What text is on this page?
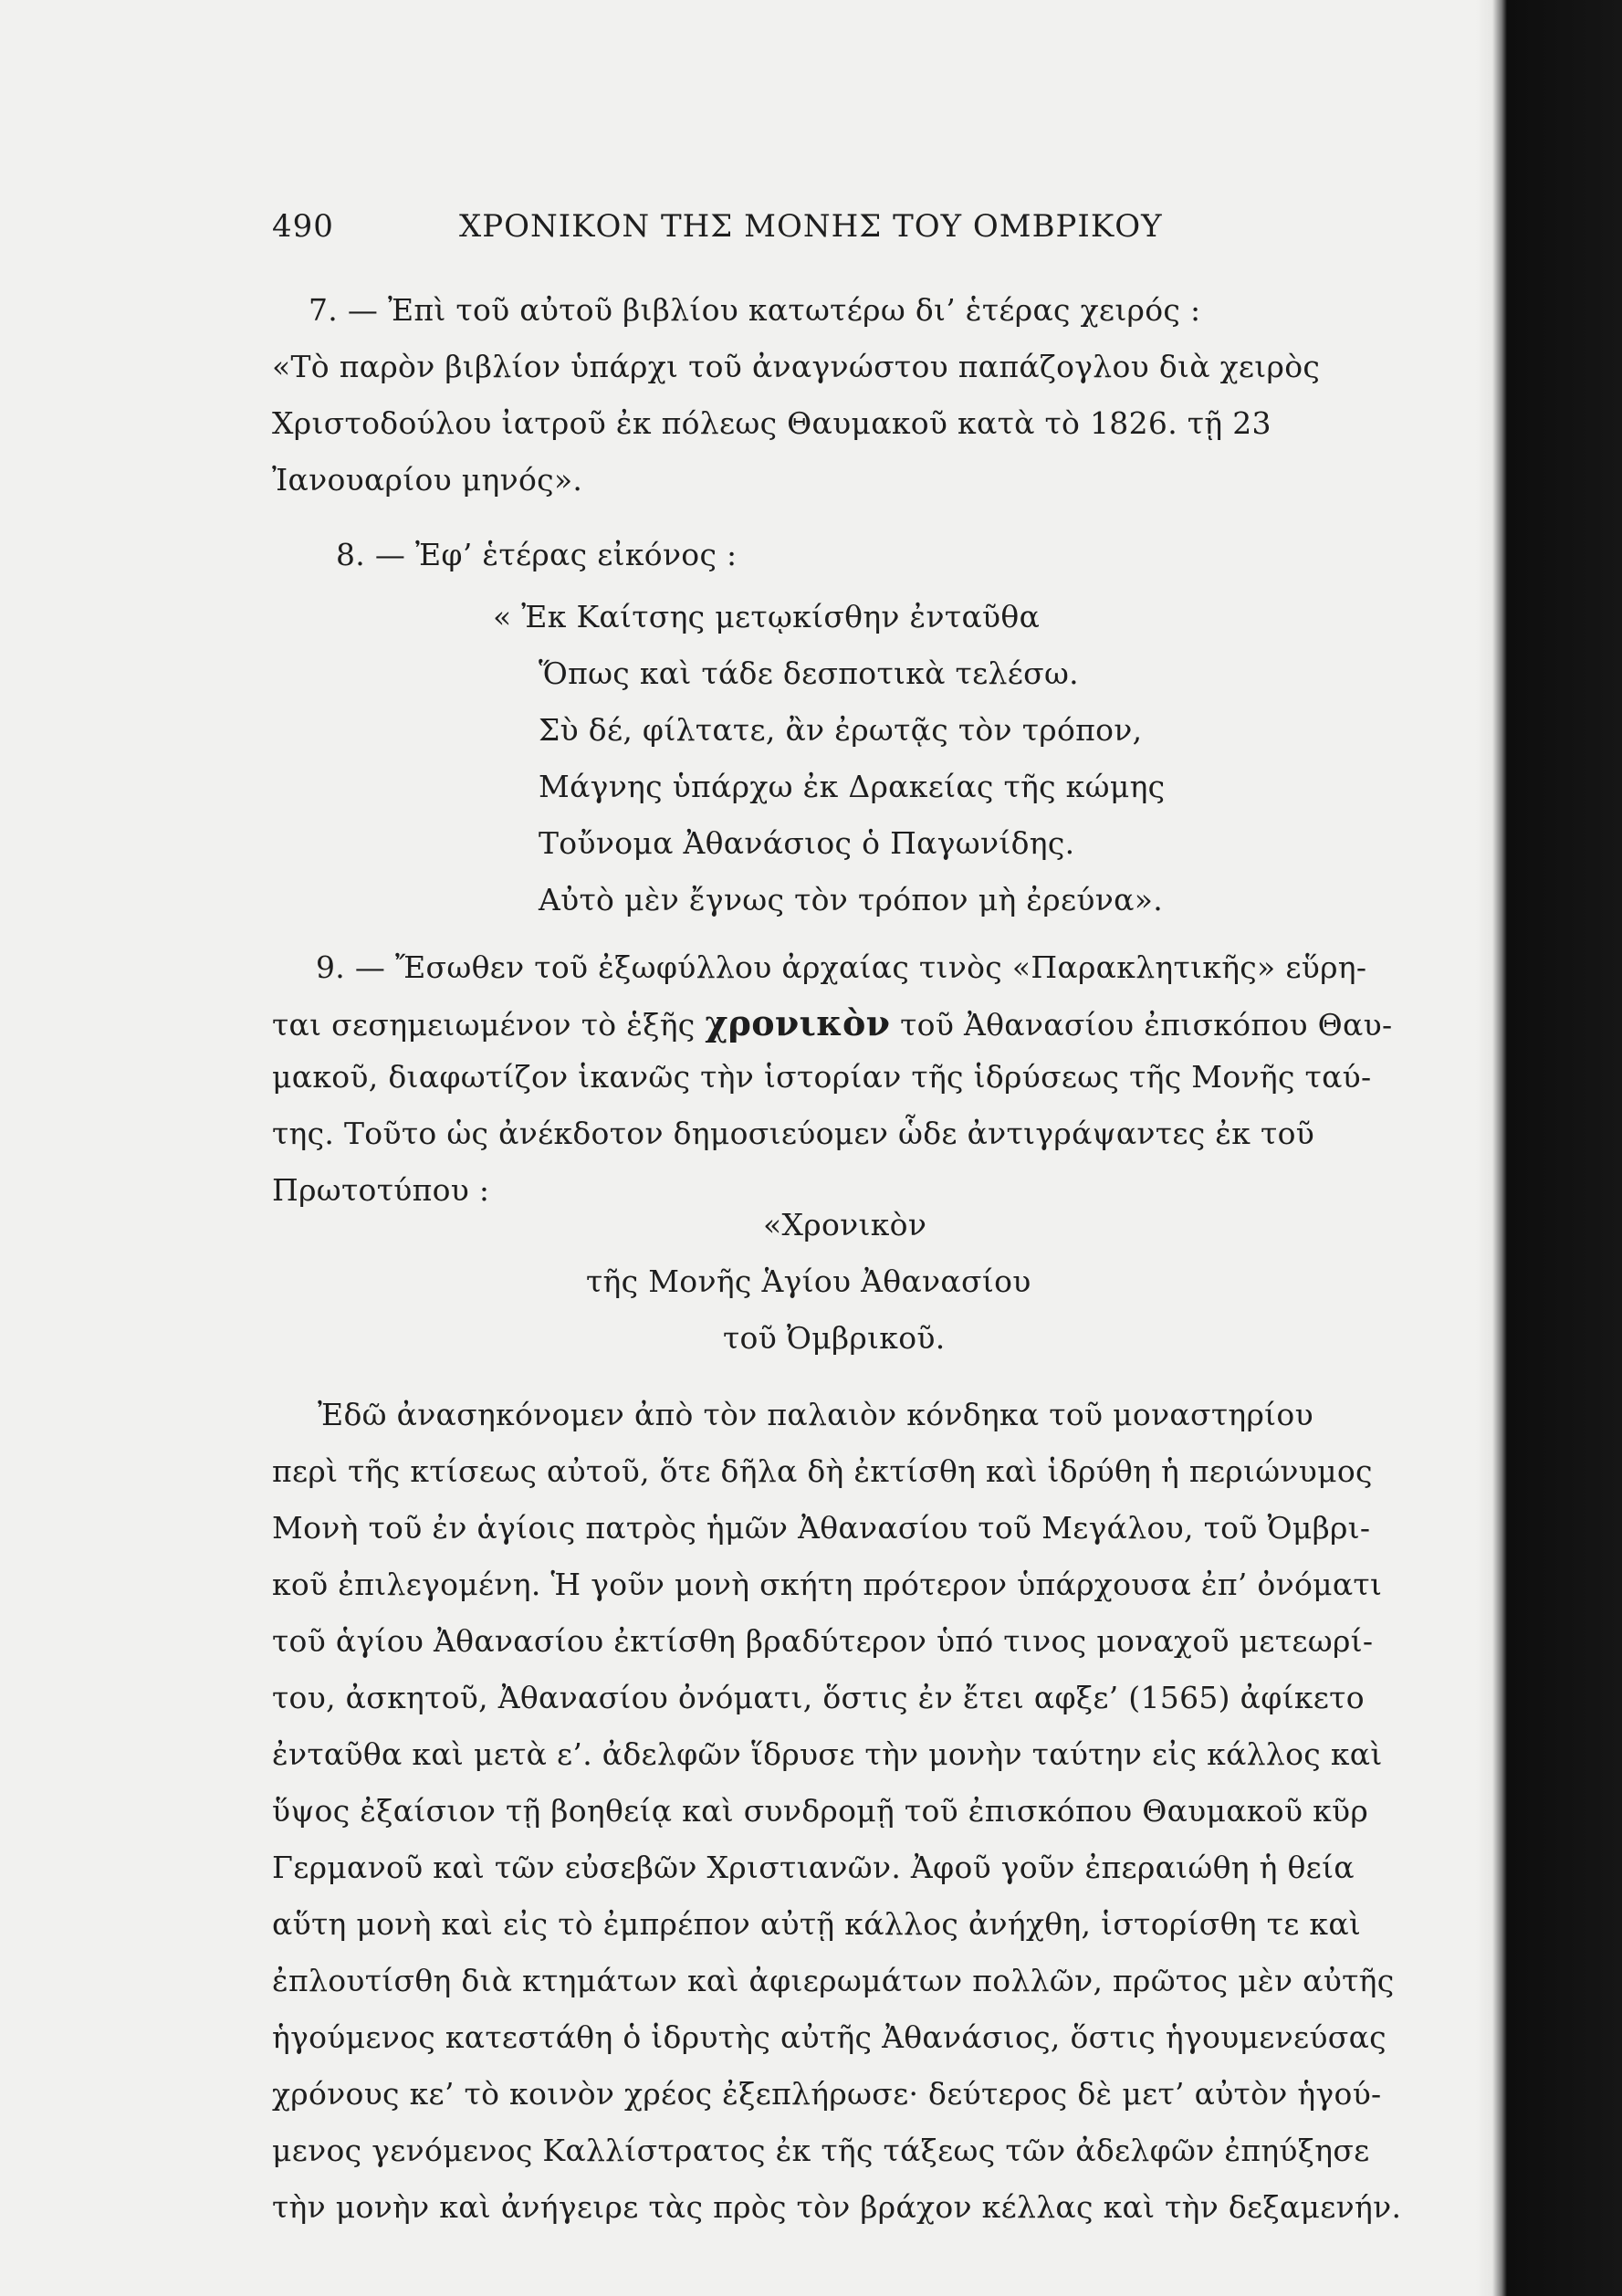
490	ΧΡΟΝΙΚΟΝ ΤΗΣ ΜΟΝΗΣ ΤΟΥ ΟΜΒΡΙΚΟΥ
7. — Ἐπὶ τοῦ αὐτοῦ βιβλίου κατωτέρω δι’ ἑτέρας χειρός :
«Τὸ παρὸν βιβλίον ὑπάρχι τοῦ ἀναγνώστου παπάζογλου διὰ χειρὸς
Χριστοδούλου ἰατροῦ ἐκ πόλεως Θαυμακοῦ κατὰ τὸ 1826. τῇ 23
Ἰανουαρίου μηνός».
8. — Ἐφ’ ἑτέρας εἰκόνος :
« Ἐκ Καίτσης μετῳκίσθην ἐνταῦθα
Ὅπως καὶ τάδε δεσποτικὰ τελέσω.
Σὺ δέ, φίλτατε, ἂν ἐρωτᾷς τὸν τρόπον,
Μάγνης ὑπάρχω ἐκ Δρακείας τῆς κώμης
Τοὔνομα Ἀθανάσιος ὁ Παγωνίδης.
Αὐτὸ μὲν ἔγνως τὸν τρόπον μὴ ἐρεύνα».
9. — Ἔσωθεν τοῦ ἐξωφύλλου ἀρχαίας τινὸς «Παρακλητικῆς» εὕρη-
ται σεσημειωμένον τὸ ἑξῆς χρονικὸν τοῦ Ἀθανασίου ἐπισκόπου Θαυ-
μακοῦ, διαφωτίζον ἱκανῶς τὴν ἱστορίαν τῆς ἱδρύσεως τῆς Μονῆς ταύ-
της. Τοῦτο ὡς ἀνέκδοτον δημοσιεύομεν ὧδε ἀντιγράψαντες ἐκ τοῦ
Πρωτοτύπου :
«Χρονικὸν
τῆς Μονῆς Ἁγίου Ἀθανασίου
τοῦ Ὀμβρικοῦ.
Ἐδῶ ἀνασηκόνομεν ἀπὸ τὸν παλαιὸν κόνδηκα τοῦ μοναστηρίου
περὶ τῆς κτίσεως αὐτοῦ, ὅτε δῆλα δὴ ἐκτίσθη καὶ ἱδρύθη ἡ περιώνυμος
Μονὴ τοῦ ἐν ἁγίοις πατρὸς ἡμῶν Ἀθανασίου τοῦ Μεγάλου, τοῦ Ὀμβρι-
κοῦ ἐπιλεγομένη. Ἡ γοῦν μονὴ σκήτη πρότερον ὑπάρχουσα ἐπ’ ὀνόματι
τοῦ ἁγίου Ἀθανασίου ἐκτίσθη βραδύτερον ὑπό τινος μοναχοῦ μετεωρί-
του, ἀσκητοῦ, Ἀθανασίου ὀνόματι, ὅστις ἐν ἔτει αφξε’ (1565) ἀφίκετο
ἐνταῦθα καὶ μετὰ ε’. ἀδελφῶν ἵδρυσε τὴν μονὴν ταύτην εἰς κάλλος καὶ
ὕψος ἐξαίσιον τῇ βοηθείᾳ καὶ συνδρομῇ τοῦ ἐπισκόπου Θαυμακοῦ κῦρ
Γερμανοῦ καὶ τῶν εὐσεβῶν Χριστιανῶν. Ἀφοῦ γοῦν ἐπεραιώθη ἡ θεία
αὕτη μονὴ καὶ εἰς τὸ ἐμπρέπον αὐτῇ κάλλος ἀνήχθη, ἱστορίσθη τε καὶ
ἐπλουτίσθη διὰ κτημάτων καὶ ἀφιερωμάτων πολλῶν, πρῶτος μὲν αὐτῆς
ἡγούμενος κατεστάθη ὁ ἱδρυτὴς αὐτῆς Ἀθανάσιος, ὅστις ἡγουμενεύσας
χρόνους κε’ τὸ κοινὸν χρέος ἐξεπλήρωσε· δεύτερος δὲ μετ’ αὐτὸν ἡγού-
μενος γενόμενος Καλλίστρατος ἐκ τῆς τάξεως τῶν ἀδελφῶν ἐπηύξησε
τὴν μονὴν καὶ ἀνήγειρε τὰς πρὸς τὸν βράχον κέλλας καὶ τὴν δεξαμενήν.
